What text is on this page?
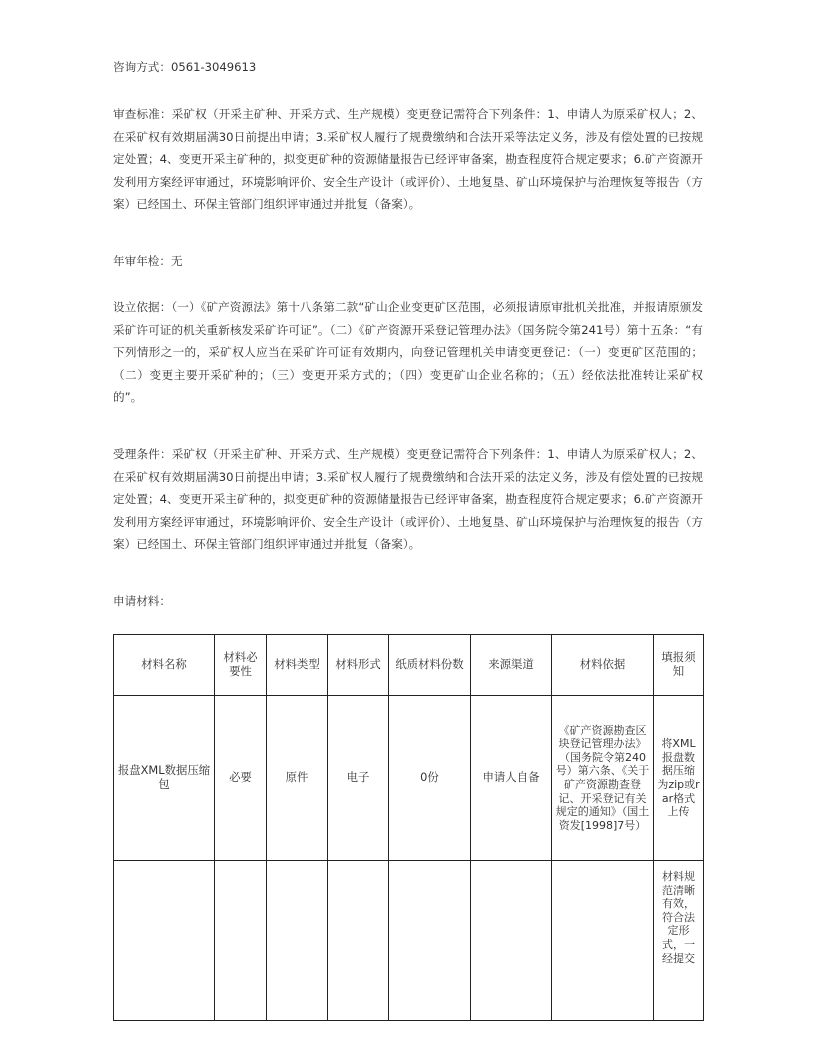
咨询方式：0561-3049613

审查标准：采矿权（开采主矿种、开采方式、生产规模）变更登记需符合下列条件：1、申请人为原采矿权人；2、在采矿权有效期届满30日前提出申请；3.采矿权人履行了规费缴纳和合法开采等法定义务，涉及有偿处置的已按规定处置；4、变更开采主矿种的，拟变更矿种的资源储量报告已经评审备案，勘查程度符合规定要求；6.矿产资源开发利用方案经评审通过，环境影响评价、安全生产设计（或评价）、土地复垦、矿山环境保护与治理恢复等报告（方案）已经国土、环保主管部门组织评审通过并批复（备案）。

年审年检：无

设立依据：（一）《矿产资源法》第十八条第二款“矿山企业变更矿区范围，必须报请原审批机关批准，并报请原颁发采矿许可证的机关重新核发采矿许可证”。（二）《矿产资源开采登记管理办法》（国务院令第241号）第十五条：“有下列情形之一的，采矿权人应当在采矿许可证有效期内，向登记管理机关申请变更登记：（一）变更矿区范围的；（二）变更主要开采矿种的；（三）变更开采方式的；（四）变更矿山企业名称的；（五）经依法批准转让采矿权的”。

受理条件：采矿权（开采主矿种、开采方式、生产规模）变更登记需符合下列条件：1、申请人为原采矿权人；2、在采矿权有效期届满30日前提出申请；3.采矿权人履行了规费缴纳和合法开采的法定义务，涉及有偿处置的已按规定处置；4、变更开采主矿种的，拟变更矿种的资源储量报告已经评审备案，勘查程度符合规定要求；6.矿产资源开发利用方案经评审通过，环境影响评价、安全生产设计（或评价）、土地复垦、矿山环境保护与治理恢复的报告（方案）已经国土、环保主管部门组织评审通过并批复（备案）。

申请材料：

材料名称	材料必要性	材料类型	材料形式	纸质材料份数	来源渠道	材料依据	填报须知
报盘XML数据压缩包	必要	原件	电子	0份	申请人自备	《矿产资源勘查区块登记管理办法》（国务院令第240号）第六条、《关于矿产资源勘查登记、开采登记有关规定的通知》（国土资发[1998]7号）	将XML报盘数据压缩为zip或rar格式上传
							材料规范清晰有效，符合法定形式，一经提交
